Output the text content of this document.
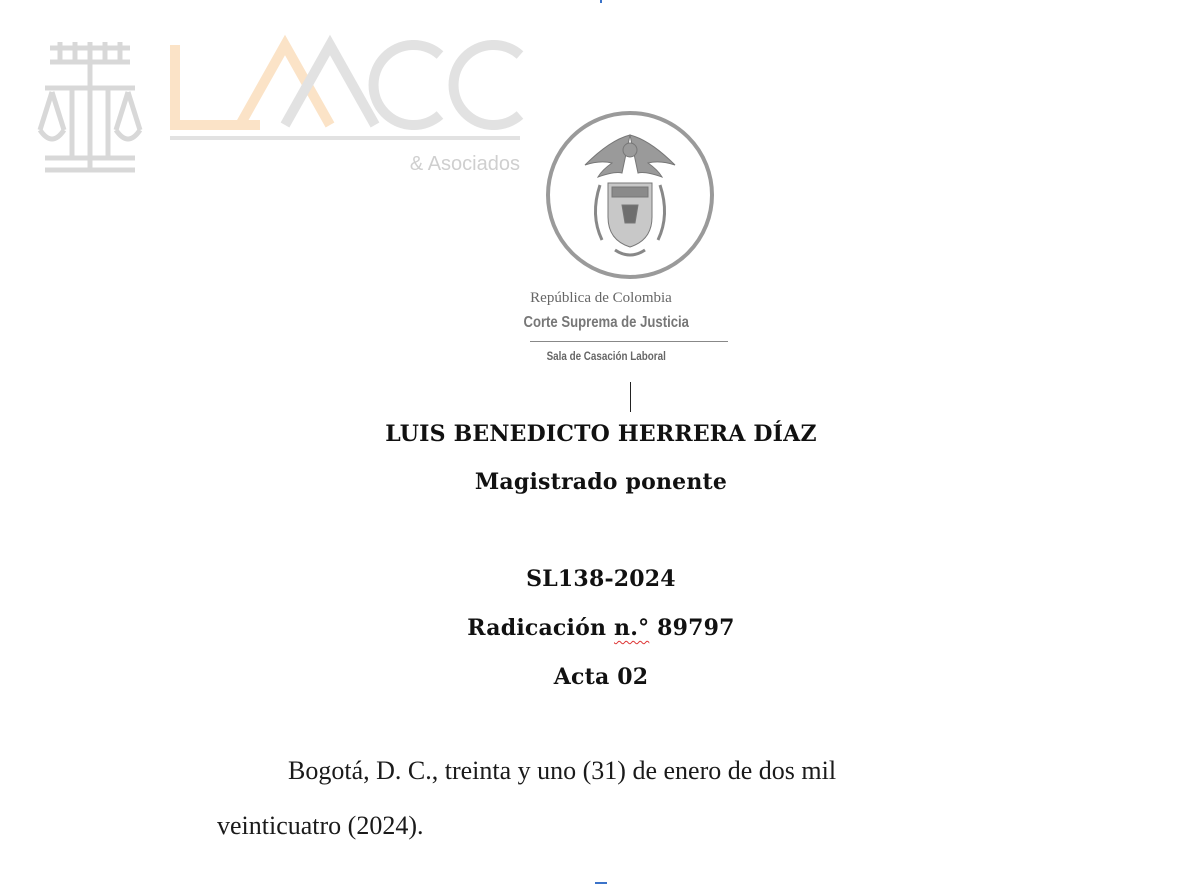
& Asociados
República de Colombia
Corte Suprema de Justicia
Sala de Casación Laboral
LUIS BENEDICTO HERRERA DÍAZ
Magistrado ponente
SL138-2024
Radicación n.° 89797
Acta 02
Bogotá, D. C., treinta y uno (31) de enero de dos mil
veinticuatro (2024).
